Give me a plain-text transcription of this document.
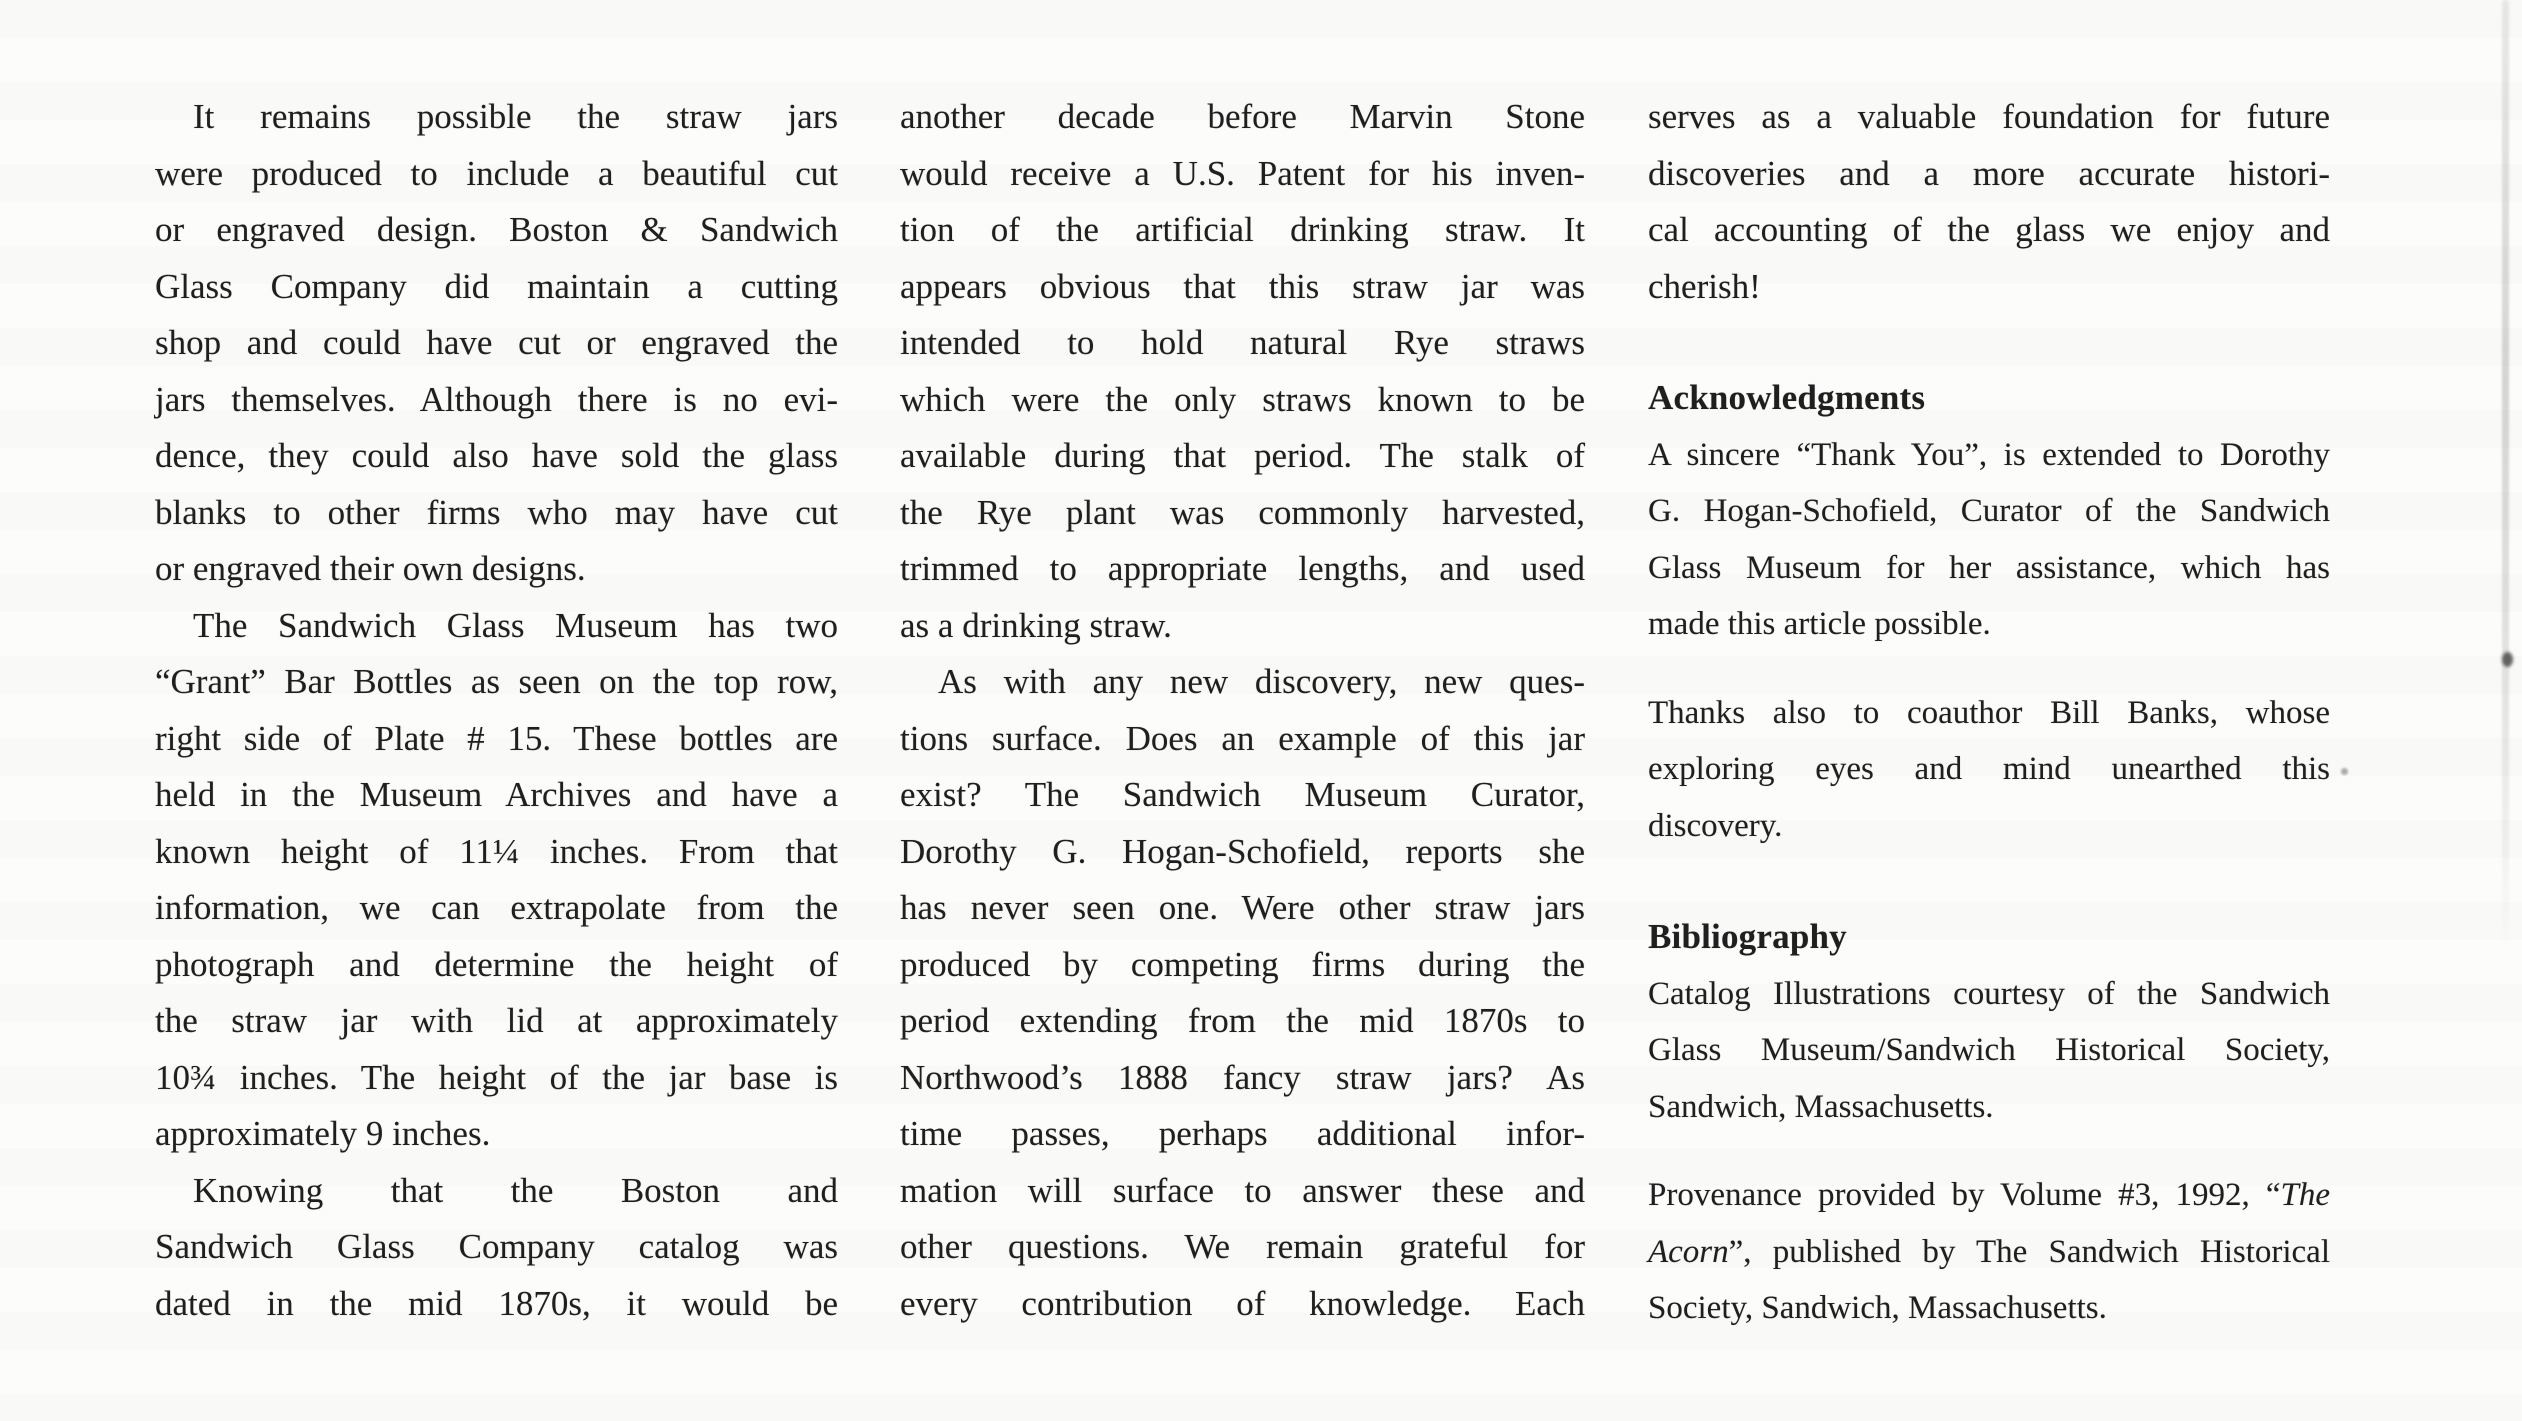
It remains possible the straw jars
were produced to include a beautiful cut
or engraved design. Boston & Sandwich
Glass Company did maintain a cutting
shop and could have cut or engraved the
jars themselves. Although there is no evi-
dence, they could also have sold the glass
blanks to other firms who may have cut
or engraved their own designs.
The Sandwich Glass Museum has two
“Grant” Bar Bottles as seen on the top row,
right side of Plate # 15. These bottles are
held in the Museum Archives and have a
known height of 11¼ inches. From that
information, we can extrapolate from the
photograph and determine the height of
the straw jar with lid at approximately
10¾ inches. The height of the jar base is
approximately 9 inches.
Knowing that the Boston and
Sandwich Glass Company catalog was
dated in the mid 1870s, it would be
another decade before Marvin Stone
would receive a U.S. Patent for his inven-
tion of the artificial drinking straw. It
appears obvious that this straw jar was
intended to hold natural Rye straws
which were the only straws known to be
available during that period. The stalk of
the Rye plant was commonly harvested,
trimmed to appropriate lengths, and used
as a drinking straw.
As with any new discovery, new ques-
tions surface. Does an example of this jar
exist? The Sandwich Museum Curator,
Dorothy G. Hogan-Schofield, reports she
has never seen one. Were other straw jars
produced by competing firms during the
period extending from the mid 1870s to
Northwood’s 1888 fancy straw jars? As
time passes, perhaps additional infor-
mation will surface to answer these and
other questions. We remain grateful for
every contribution of knowledge. Each
serves as a valuable foundation for future
discoveries and a more accurate histori-
cal accounting of the glass we enjoy and
cherish!
Acknowledgments
A sincere “Thank You”, is extended to Dorothy
G. Hogan-Schofield, Curator of the Sandwich
Glass Museum for her assistance, which has
made this article possible.
Thanks also to coauthor Bill Banks, whose
exploring eyes and mind unearthed this
discovery.
Bibliography
Catalog Illustrations courtesy of the Sandwich
Glass Museum/Sandwich Historical Society,
Sandwich, Massachusetts.
Provenance provided by Volume #3, 1992, “The
Acorn”, published by The Sandwich Historical
Society, Sandwich, Massachusetts.
